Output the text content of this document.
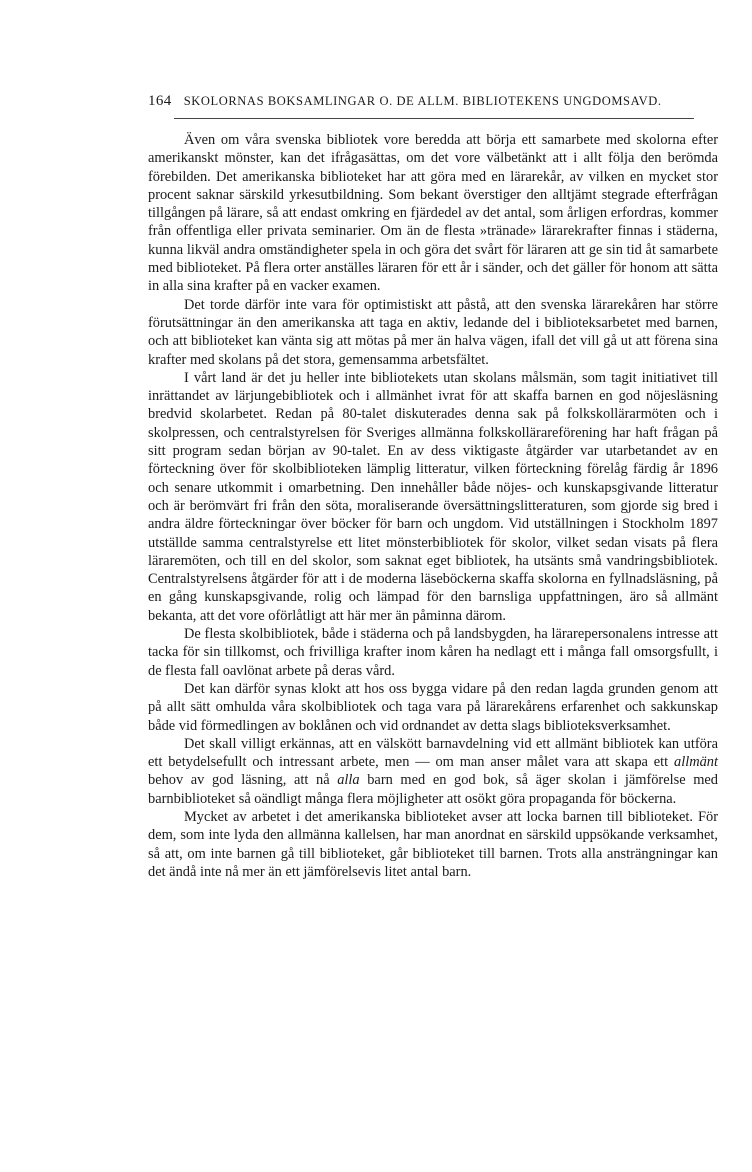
164 SKOLORNAS BOKSAMLINGAR O. DE ALLM. BIBLIOTEKENS UNGDOMSAVD.

Även om våra svenska bibliotek vore beredda att börja ett samarbete med skolorna efter amerikanskt mönster, kan det ifrågasättas, om det vore välbetänkt att i allt följa den berömda förebilden. Det amerikanska biblioteket har att göra med en lärarekår, av vilken en mycket stor procent saknar särskild yrkesutbildning. Som bekant överstiger den alltjämt stegrade efterfrågan tillgången på lärare, så att endast omkring en fjärdedel av det antal, som årligen erfordras, kommer från offentliga eller privata seminarier. Om än de flesta »tränade» lärarekrafter finnas i städerna, kunna likväl andra omständigheter spela in och göra det svårt för läraren att ge sin tid åt samarbete med biblioteket. På flera orter anställes läraren för ett år i sänder, och det gäller för honom att sätta in alla sina krafter på en vacker examen.

Det torde därför inte vara för optimistiskt att påstå, att den svenska lärarekåren har större förutsättningar än den amerikanska att taga en aktiv, ledande del i biblioteksarbetet med barnen, och att biblioteket kan vänta sig att mötas på mer än halva vägen, ifall det vill gå ut att förena sina krafter med skolans på det stora, gemensamma arbetsfältet.

I vårt land är det ju heller inte bibliotekets utan skolans målsmän, som tagit initiativet till inrättandet av lärjungebibliotek och i allmänhet ivrat för att skaffa barnen en god nöjesläsning bredvid skolarbetet. Redan på 80-talet diskuterades denna sak på folkskollärarmöten och i skolpressen, och centralstyrelsen för Sveriges allmänna folkskollärareförening har haft frågan på sitt program sedan början av 90-talet. En av dess viktigaste åtgärder var utarbetandet av en förteckning över för skolbiblioteken lämplig litteratur, vilken förteckning förelåg färdig år 1896 och senare utkommit i omarbetning. Den innehåller både nöjes- och kunskapsgivande litteratur och är berömvärt fri från den söta, moraliserande översättningslitteraturen, som gjorde sig bred i andra äldre förteckningar över böcker för barn och ungdom. Vid utställningen i Stockholm 1897 utställde samma centralstyrelse ett litet mönsterbibliotek för skolor, vilket sedan visats på flera läraremöten, och till en del skolor, som saknat eget bibliotek, ha utsänts små vandringsbibliotek. Centralstyrelsens åtgärder för att i de moderna läseböckerna skaffa skolorna en fyllnadsläsning, på en gång kunskapsgivande, rolig och lämpad för den barnsliga uppfattningen, äro så allmänt bekanta, att det vore oförlåtligt att här mer än påminna därom.

De flesta skolbibliotek, både i städerna och på landsbygden, ha lärarepersonalens intresse att tacka för sin tillkomst, och frivilliga krafter inom kåren ha nedlagt ett i många fall omsorgsfullt, i de flesta fall oavlönat arbete på deras vård.

Det kan därför synas klokt att hos oss bygga vidare på den redan lagda grunden genom att på allt sätt omhulda våra skolbibliotek och taga vara på lärarekårens erfarenhet och sakkunskap både vid förmedlingen av boklånen och vid ordnandet av detta slags biblioteksverksamhet.

Det skall villigt erkännas, att en välskött barnavdelning vid ett allmänt bibliotek kan utföra ett betydelsefullt och intressant arbete, men — om man anser målet vara att skapa ett allmänt behov av god läsning, att nå alla barn med en god bok, så äger skolan i jämförelse med barnbiblioteket så oändligt många flera möjligheter att osökt göra propaganda för böckerna.

Mycket av arbetet i det amerikanska biblioteket avser att locka barnen till biblioteket. För dem, som inte lyda den allmänna kallelsen, har man anordnat en särskild uppsökande verksamhet, så att, om inte barnen gå till biblioteket, går biblioteket till barnen. Trots alla ansträngningar kan det ändå inte nå mer än ett jämförelsevis litet antal barn.
